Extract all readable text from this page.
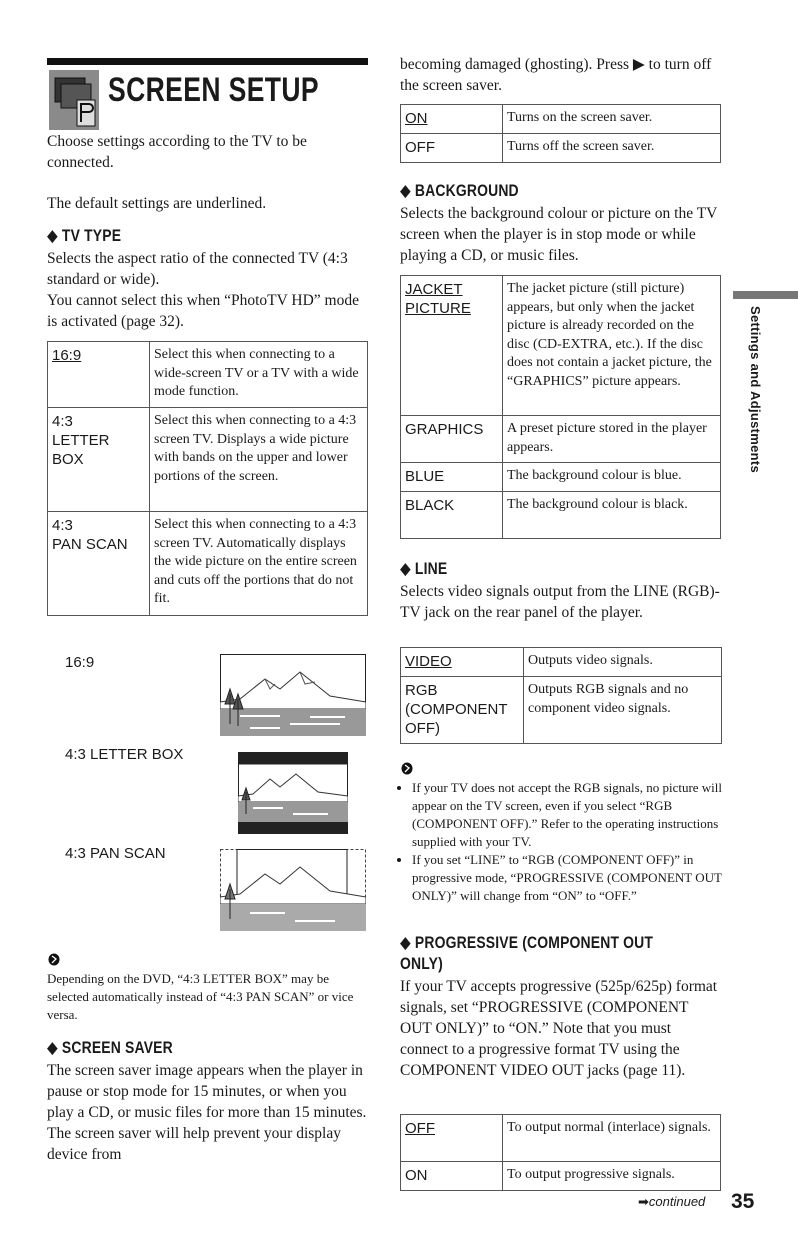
SCREEN SETUP
Choose settings according to the TV to be connected.
The default settings are underlined.
◆ TV TYPE
Selects the aspect ratio of the connected TV (4:3 standard or wide).
You cannot select this when “PhotoTV HD” mode is activated (page 32).
16:9	Select this when connecting to a wide-screen TV or a TV with a wide mode function.
4:3
LETTER
BOX	Select this when connecting to a 4:3 screen TV. Displays a wide picture with bands on the upper and lower portions of the screen.
4:3
PAN SCAN	Select this when connecting to a 4:3 screen TV. Automatically displays the wide picture on the entire screen and cuts off the portions that do not fit.
16:9
4:3 LETTER BOX
4:3 PAN SCAN
Depending on the DVD, “4:3 LETTER BOX” may be selected automatically instead of “4:3 PAN SCAN” or vice versa.
◆ SCREEN SAVER
The screen saver image appears when the player in pause or stop mode for 15 minutes, or when you play a CD, or music files for more than 15 minutes. The screen saver will help prevent your display device from
becoming damaged (ghosting). Press ▶ to turn off the screen saver.
ON	Turns on the screen saver.
OFF	Turns off the screen saver.
◆ BACKGROUND
Selects the background colour or picture on the TV screen when the player is in stop mode or while playing a CD, or music files.
JACKET
PICTURE	The jacket picture (still picture) appears, but only when the jacket picture is already recorded on the disc (CD-EXTRA, etc.). If the disc does not contain a jacket picture, the “GRAPHICS” picture appears.
GRAPHICS	A preset picture stored in the player appears.
BLUE	The background colour is blue.
BLACK	The background colour is black.
◆ LINE
Selects video signals output from the LINE (RGB)-TV jack on the rear panel of the player.
VIDEO	Outputs video signals.
RGB
(COMPONENT
OFF)	Outputs RGB signals and no component video signals.
• If your TV does not accept the RGB signals, no picture will appear on the TV screen, even if you select “RGB (COMPONENT OFF).” Refer to the operating instructions supplied with your TV.
• If you set “LINE” to “RGB (COMPONENT OFF)” in progressive mode, “PROGRESSIVE (COMPONENT OUT ONLY)” will change from “ON” to “OFF.”
◆ PROGRESSIVE (COMPONENT OUT
ONLY)
If your TV accepts progressive (525p/625p) format signals, set “PROGRESSIVE (COMPONENT OUT ONLY)” to “ON.” Note that you must connect to a progressive format TV using the COMPONENT VIDEO OUT jacks (page 11).
OFF	To output normal (interlace) signals.
ON	To output progressive signals.
Settings and Adjustments
➡continued 35
